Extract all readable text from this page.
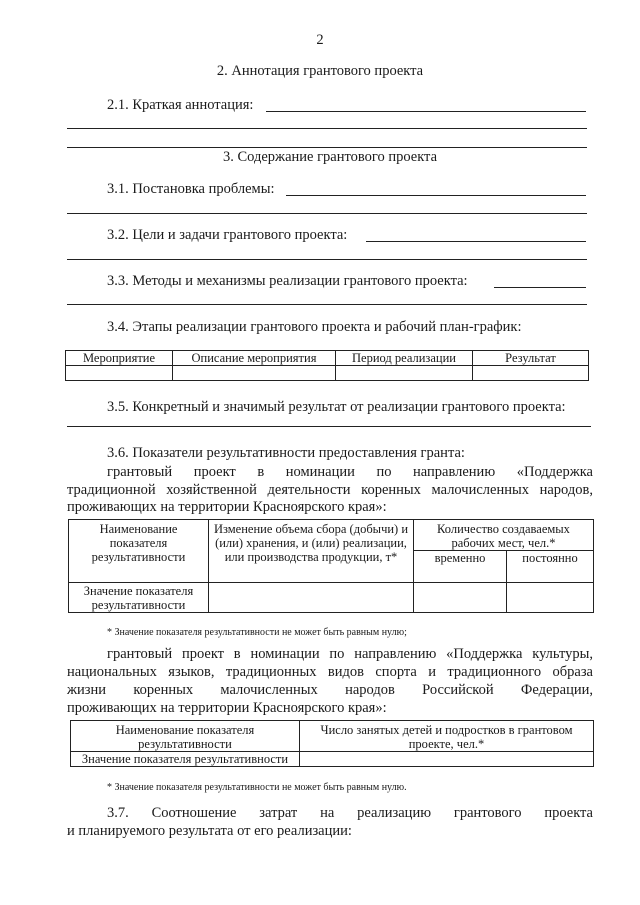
2
2. Аннотация грантового проекта
2.1. Краткая аннотация:
3. Содержание грантового проекта
3.1. Постановка проблемы:
3.2. Цели и задачи грантового проекта:
3.3. Методы и механизмы реализации грантового проекта:
3.4. Этапы реализации грантового проекта и рабочий план-график:
Мероприятие	Описание мероприятия	Период реализации	Результат

3.5. Конкретный и значимый результат от реализации грантового проекта:
3.6. Показатели результативности предоставления гранта:
грантовый проект в номинации по направлению «Поддержка
традиционной хозяйственной деятельности коренных малочисленных народов,
проживающих на территории Красноярского края»:
Наименование показателя результативности	Изменение объема сбора (добычи) и (или) хранения, и (или) реализации, или производства продукции, т*	Количество создаваемых рабочих мест, чел.*	
		временно	постоянно
Значение показателя результативности			
* Значение показателя результативности не может быть равным нулю;
грантовый проект в номинации по направлению «Поддержка культуры,
национальных языков, традиционных видов спорта и традиционного образа
жизни коренных малочисленных народов Российской Федерации,
проживающих на территории Красноярского края»:
Наименование показателя результативности	Число занятых детей и подростков в грантовом проекте, чел.*
Значение показателя результативности	
* Значение показателя результативности не может быть равным нулю.
3.7. Соотношение затрат на реализацию грантового проекта
и планируемого результата от его реализации:
